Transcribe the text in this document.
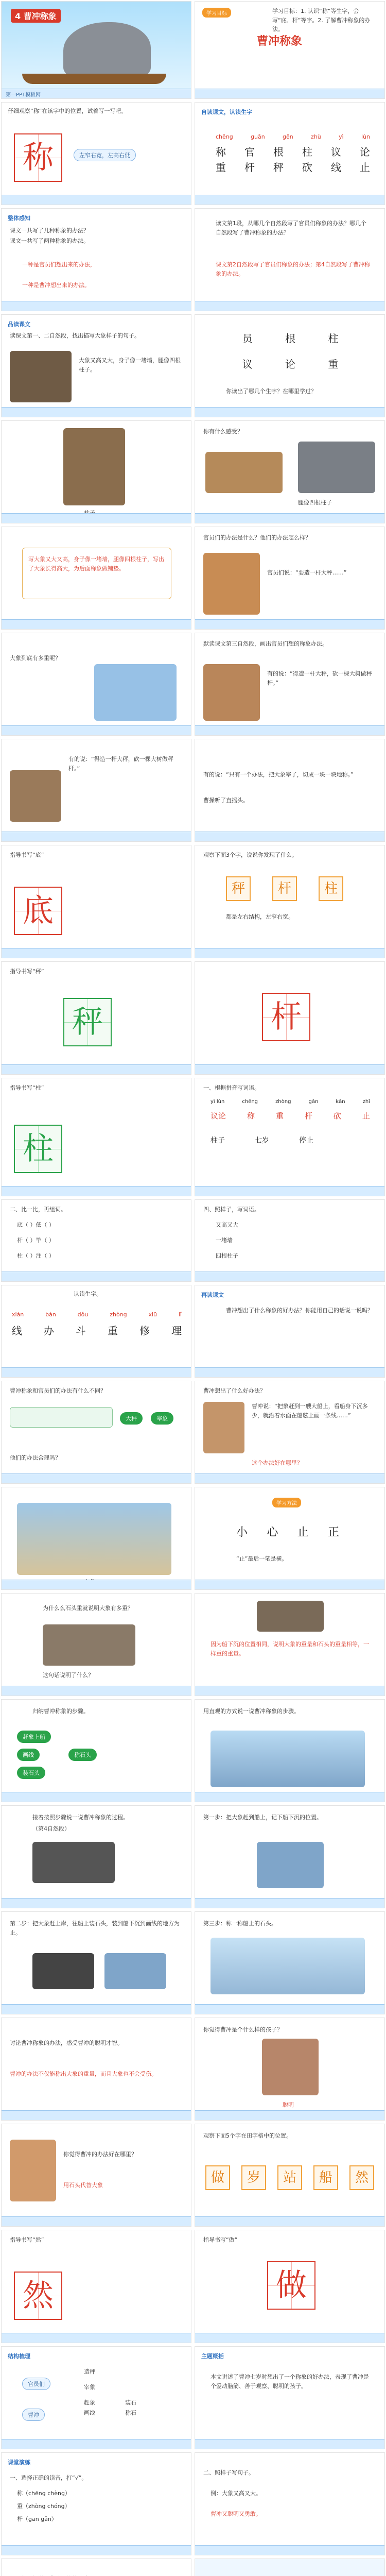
4 曹冲称象
第一PPT模板网
学习目标	学习目标：1. 认识“称”等生字，会写“底、杆”等字。2. 了解曹冲称象的办法。
曹冲称象
仔细观察“称”在该字中的位置，试着写一写吧。
称	左窄右宽，左高右低
自读课文，认读生字
chēng	guān	gēn	zhù	yì	lùn
称 官 根 柱 议 论
重 杆 秤 砍 线 止
整体感知
课文一共写了几种称象的办法？
课文一共写了两种称象的办法。
一种是官员们想出来的办法，
一种是曹冲想出来的办法。
读文第1段，从哪几个自然段写了官员们称象的办法？哪几个自然段写了曹冲称象的办法？
课文第2自然段写了官员们称象的办法；第4自然段写了曹冲称象的办法。
品读课文
读课文第一、二自然段，找出描写大象样子的句子。
大象又高又大，身子像一堵墙，腿像四根柱子。
员	根	柱
议	论	重
你读出了哪几个生字？在哪里学过？
你有什么感受？
腿像四根柱子
写大象又大又高，身子像一堵墙，腿像四根柱子，写出了大象长得高大，为后面称象做铺垫。
官员们的办法是什么？他们的办法怎么样？
官员们说：“要造一杆大秤……”
大象到底有多重呢？
默读课文第三自然段，画出官员们想的称象办法。
有的说：“得造一杆大秤，砍一棵大树做秤杆。”
有的说：“得造一杆大秤，砍一棵大树做秤杆。”
有的说：“只有一个办法，把大象宰了，切成一块一块地称。”
曹操听了直摇头。
指导书写“底”
底
观察下面3个字，说说你发现了什么。
秤	杆	柱
都是左右结构，左窄右宽。
指导书写“秤”
秤	杆
指导书写“柱”
柱
一、根据拼音写词语。
yì lùn	chēng	zhòng	gǎn	kǎn	zhǐ
议论	称	重	杆	砍	止
柱子	七岁	停止
二、比一比，再组词。
底（ ）低（ ）
杆（ ）竿（ ）
柱（ ）注（ ）
四、照样子，写词语。
又高又大
一堵墙
四根柱子
认读生字。
xiàn	bàn	dǒu	zhòng	xiū	lǐ
线 办 斗 重 修 理
再读课文
曹冲想出了什么称象的好办法？你能用自己的话说一说吗？
曹冲称象和官员们的办法有什么不同？
大秤	宰象
他们的办法合理吗？
曹冲想出了什么好办法？
曹冲说：“把象赶到一艘大船上，看船身下沉多少，就沿着水面在船舷上画一条线……”
这个办法好在哪里？
学习方法
小 心 止 正
“止”最后一笔是横。
为什么么石头重就说明大象有多重？
这句话说明了什么？
因为船下沉的位置相同，说明大象的重量和石头的重量相等，一样重的重量。
归纳曹冲称象的步骤。
赶象上船
画线
装石头
称石头
用直观的方式说一说曹冲称象的步骤。
接着按照步骤说一说曹冲称象的过程。
（第4自然段）
第一步：把大象赶到船上，记下船下沉的位置。
第二步：把大象赶上岸，往船上装石头，装到船下沉到画线的地方为止。
第三步：称一称船上的石头。
讨论曹冲称象的办法，感受曹冲的聪明才智。
曹冲的办法不仅能称出大象的重量，而且大象也不会受伤。
你觉得曹冲是个什么样的孩子？
聪明
你觉得曹冲的办法好在哪里？
用石头代替大象
观察下面5个字在田字格中的位置。
做	岁	站	船	然
指导书写“然”
然
指导书写“做”
做
结构梳理
官员们
曹冲
造秤
宰象
赶象
画线
装石
称石
主题概括
本文讲述了曹冲七岁时想出了一个称象的好办法，表现了曹冲是个爱动脑筋、善于观察、聪明的孩子。
课堂演练
一、选择正确的读音，打“√”。
称（chēng chèng）
重（zhòng chóng）
杆（gān gǎn）
二、照样子写句子。
例：大象又高又大。
曹冲又聪明又勇敢。
